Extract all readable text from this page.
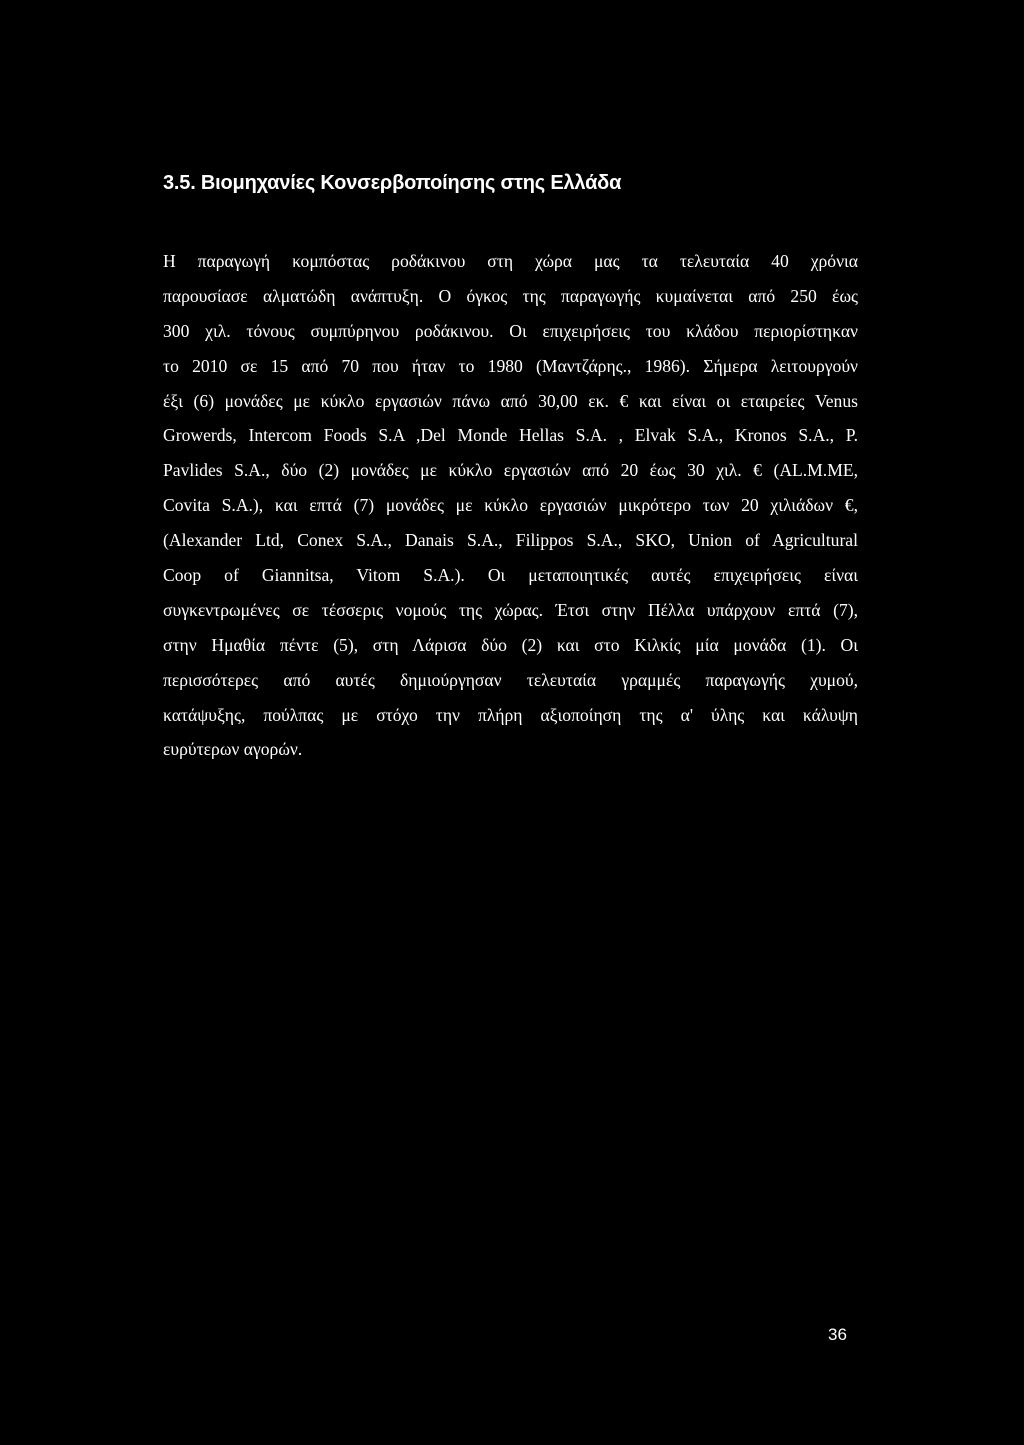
3.5. Βιομηχανίες Κονσερβοποίησης στης Ελλάδα
Η παραγωγή κομπόστας ροδάκινου στη χώρα μας τα τελευταία 40 χρόνια
παρουσίασε αλματώδη ανάπτυξη. Ο όγκος της παραγωγής κυμαίνεται από 250 έως
300 χιλ. τόνους συμπύρηνου ροδάκινου. Οι επιχειρήσεις του κλάδου περιορίστηκαν
το 2010 σε 15 από 70 που ήταν το 1980 (Μαντζάρης., 1986). Σήμερα λειτουργούν
έξι (6) μονάδες με κύκλο εργασιών πάνω από 30,00 εκ. € και είναι οι εταιρείες Venus
Growerds, Intercom Foods S.A ,Del Monde Hellas S.A. , Elvak S.A., Kronos S.A., P.
Pavlides S.A., δύο (2) μονάδες με κύκλο εργασιών από 20 έως 30 χιλ. € (AL.M.ME,
Covita S.A.), και επτά (7) μονάδες με κύκλο εργασιών μικρότερο των 20 χιλιάδων €,
(Alexander Ltd, Conex S.A., Danais S.A., Filippos S.A., SKO, Union of Agricultural
Coop of Giannitsa, Vitom S.A.). Οι μεταποιητικές αυτές επιχειρήσεις είναι
συγκεντρωμένες σε τέσσερις νομούς της χώρας. Έτσι στην Πέλλα υπάρχουν επτά (7),
στην Ημαθία πέντε (5), στη Λάρισα δύο (2) και στο Κιλκίς μία μονάδα (1). Οι
περισσότερες από αυτές δημιούργησαν τελευταία γραμμές παραγωγής χυμού,
κατάψυξης, πούλπας με στόχο την πλήρη αξιοποίηση της α' ύλης και κάλυψη
ευρύτερων αγορών.
36
